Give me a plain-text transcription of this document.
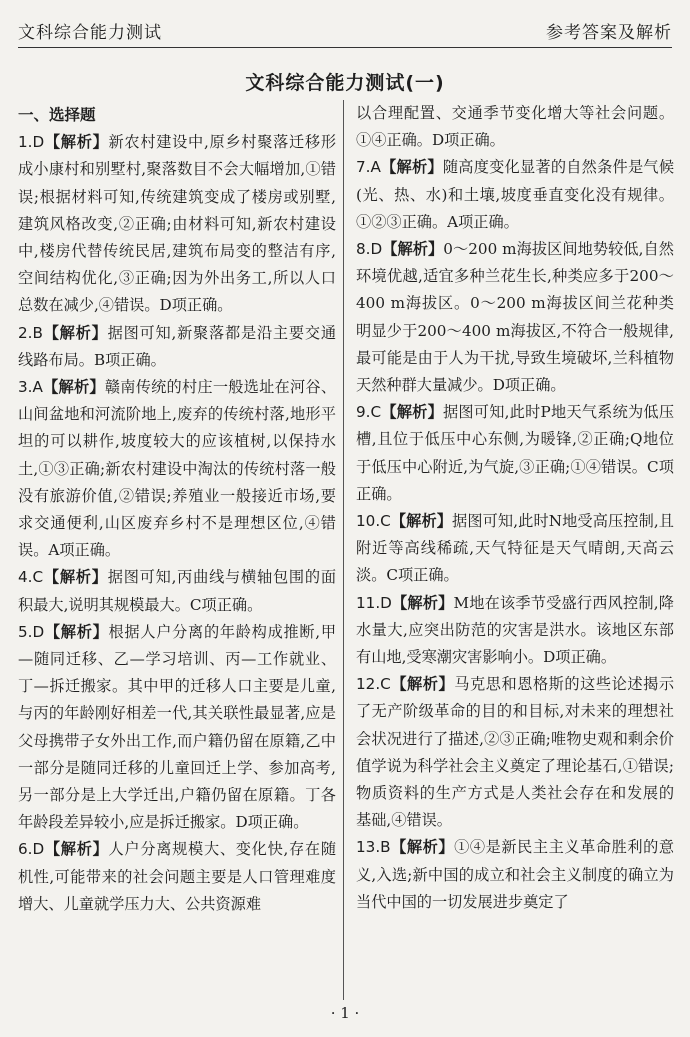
文科综合能力测试	参考答案及解析
文科综合能力测试(一)
一、选择题

1.D【解析】新农村建设中,原乡村聚落迁移形成小康村和别墅村,聚落数目不会大幅增加,①错误;根据材料可知,传统建筑变成了楼房或别墅,建筑风格改变,②正确;由材料可知,新农村建设中,楼房代替传统民居,建筑布局变的整洁有序,空间结构优化,③正确;因为外出务工,所以人口总数在减少,④错误。D项正确。

2.B【解析】据图可知,新聚落都是沿主要交通线路布局。B项正确。

3.A【解析】赣南传统的村庄一般选址在河谷、山间盆地和河流阶地上,废弃的传统村落,地形平坦的可以耕作,坡度较大的应该植树,以保持水土,①③正确;新农村建设中淘汰的传统村落一般没有旅游价值,②错误;养殖业一般接近市场,要求交通便利,山区废弃乡村不是理想区位,④错误。A项正确。

4.C【解析】据图可知,丙曲线与横轴包围的面积最大,说明其规模最大。C项正确。

5.D【解析】根据人户分离的年龄构成推断,甲—随同迁移、乙—学习培训、丙—工作就业、丁—拆迁搬家。其中甲的迁移人口主要是儿童,与丙的年龄刚好相差一代,其关联性最显著,应是父母携带子女外出工作,而户籍仍留在原籍,乙中一部分是随同迁移的儿童回迁上学、参加高考,另一部分是上大学迁出,户籍仍留在原籍。丁各年龄段差异较小,应是拆迁搬家。D项正确。

6.D【解析】人户分离规模大、变化快,存在随机性,可能带来的社会问题主要是人口管理难度增大、儿童就学压力大、公共资源难

以合理配置、交通季节变化增大等社会问题。①④正确。D项正确。

7.A【解析】随高度变化显著的自然条件是气候(光、热、水)和土壤,坡度垂直变化没有规律。①②③正确。A项正确。

8.D【解析】0～200 m海拔区间地势较低,自然环境优越,适宜多种兰花生长,种类应多于200～400 m海拔区。0～200 m海拔区间兰花种类明显少于200～400 m海拔区,不符合一般规律,最可能是由于人为干扰,导致生境破坏,兰科植物天然种群大量减少。D项正确。

9.C【解析】据图可知,此时P地天气系统为低压槽,且位于低压中心东侧,为暖锋,②正确;Q地位于低压中心附近,为气旋,③正确;①④错误。C项正确。

10.C【解析】据图可知,此时N地受高压控制,且附近等高线稀疏,天气特征是天气晴朗,天高云淡。C项正确。

11.D【解析】M地在该季节受盛行西风控制,降水量大,应突出防范的灾害是洪水。该地区东部有山地,受寒潮灾害影响小。D项正确。

12.C【解析】马克思和恩格斯的这些论述揭示了无产阶级革命的目的和目标,对未来的理想社会状况进行了描述,②③正确;唯物史观和剩余价值学说为科学社会主义奠定了理论基石,①错误;物质资料的生产方式是人类社会存在和发展的基础,④错误。

13.B【解析】①④是新民主主义革命胜利的意义,入选;新中国的成立和社会主义制度的确立为当代中国的一切发展进步奠定了

· 1 ·
